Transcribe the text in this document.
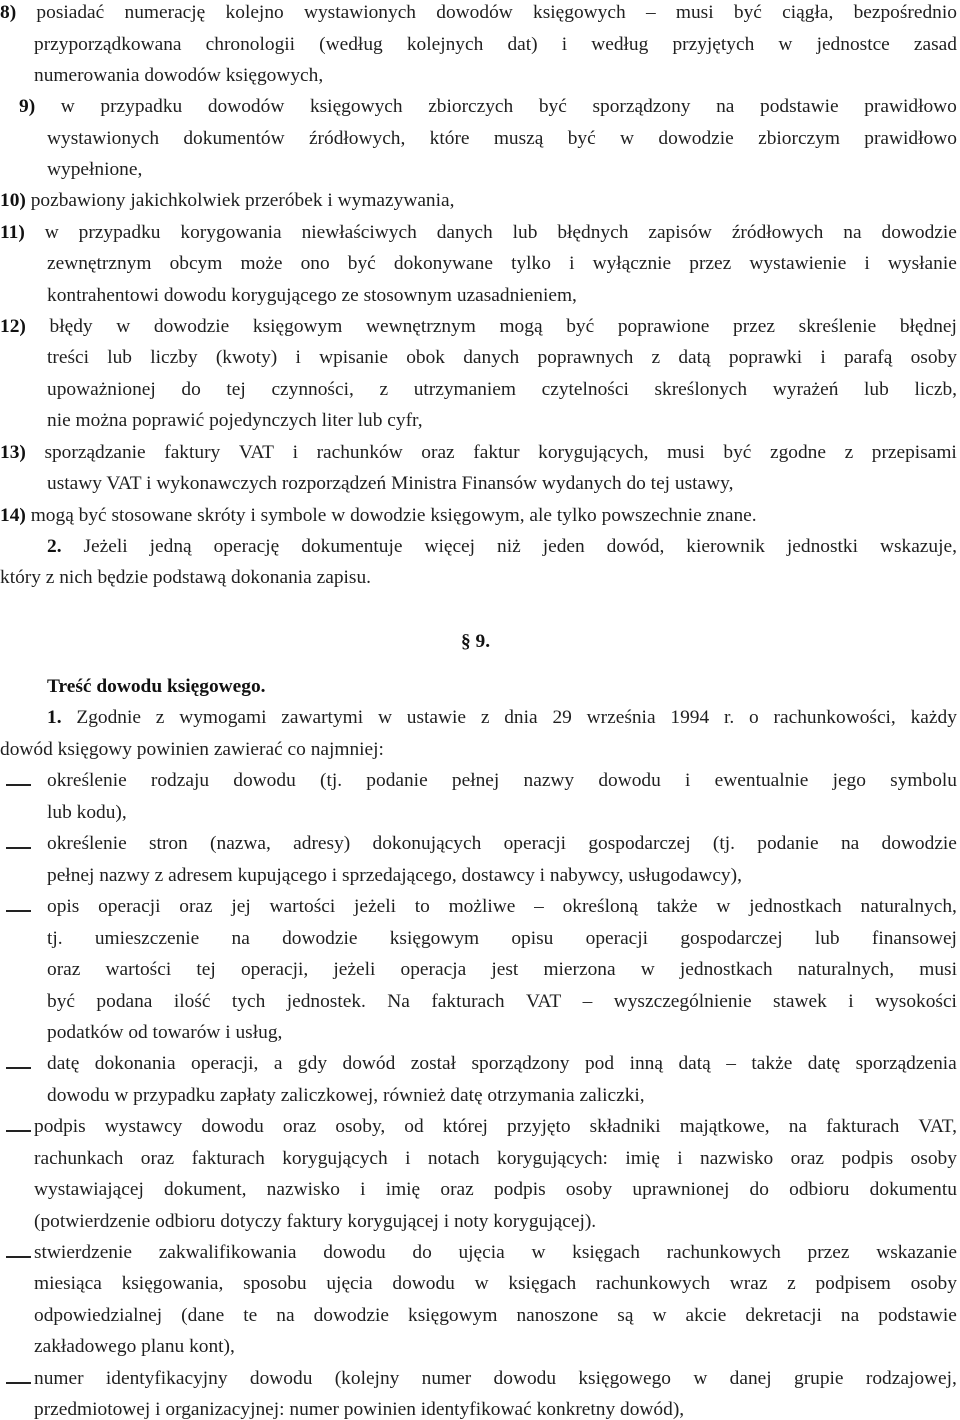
8) posiadać numerację kolejno wystawionych dowodów księgowych – musi być ciągła, bezpośrednio
przyporządkowana chronologii (według kolejnych dat) i według przyjętych w jednostce zasad
numerowania dowodów księgowych,
9) w przypadku dowodów księgowych zbiorczych być sporządzony na podstawie prawidłowo
wystawionych dokumentów źródłowych, które muszą być w dowodzie zbiorczym prawidłowo
wypełnione,
10) pozbawiony jakichkolwiek przeróbek i wymazywania,
11) w przypadku korygowania niewłaściwych danych lub błędnych zapisów źródłowych na dowodzie
zewnętrznym obcym może ono być dokonywane tylko i wyłącznie przez wystawienie i wysłanie
kontrahentowi dowodu korygującego ze stosownym uzasadnieniem,
12) błędy w dowodzie księgowym wewnętrznym mogą być poprawione przez skreślenie błędnej
treści lub liczby (kwoty) i wpisanie obok danych poprawnych z datą poprawki i parafą osoby
upoważnionej do tej czynności, z utrzymaniem czytelności skreślonych wyrażeń lub liczb,
nie można poprawić pojedynczych liter lub cyfr,
13) sporządzanie faktury VAT i rachunków oraz faktur korygujących, musi być zgodne z przepisami
ustawy VAT i wykonawczych rozporządzeń Ministra Finansów wydanych do tej ustawy,
14) mogą być stosowane skróty i symbole w dowodzie księgowym, ale tylko powszechnie znane.
2. Jeżeli jedną operację dokumentuje więcej niż jeden dowód, kierownik jednostki wskazuje,
który z nich będzie podstawą dokonania zapisu.
§ 9.
Treść dowodu księgowego.
1. Zgodnie z wymogami zawartymi w ustawie z dnia 29 września 1994 r. o rachunkowości, każdy
dowód księgowy powinien zawierać co najmniej:
określenie rodzaju dowodu (tj. podanie pełnej nazwy dowodu i ewentualnie jego symbolu
lub kodu),
określenie stron (nazwa, adresy) dokonujących operacji gospodarczej (tj. podanie na dowodzie
pełnej nazwy z adresem kupującego i sprzedającego, dostawcy i nabywcy, usługodawcy),
opis operacji oraz jej wartości jeżeli to możliwe – określoną także w jednostkach naturalnych,
tj. umieszczenie na dowodzie księgowym opisu operacji gospodarczej lub finansowej
oraz wartości tej operacji, jeżeli operacja jest mierzona w jednostkach naturalnych, musi
być podana ilość tych jednostek. Na fakturach VAT – wyszczególnienie stawek i wysokości
podatków od towarów i usług,
datę dokonania operacji, a gdy dowód został sporządzony pod inną datą – także datę sporządzenia
dowodu w przypadku zapłaty zaliczkowej, również datę otrzymania zaliczki,
podpis wystawcy dowodu oraz osoby, od której przyjęto składniki majątkowe, na fakturach VAT,
rachunkach oraz fakturach korygujących i notach korygujących: imię i nazwisko oraz podpis osoby
wystawiającej dokument, nazwisko i imię oraz podpis osoby uprawnionej do odbioru dokumentu
(potwierdzenie odbioru dotyczy faktury korygującej i noty korygującej).
stwierdzenie zakwalifikowania dowodu do ujęcia w księgach rachunkowych przez wskazanie
miesiąca księgowania, sposobu ujęcia dowodu w księgach rachunkowych wraz z podpisem osoby
odpowiedzialnej (dane te na dowodzie księgowym nanoszone są w akcie dekretacji na podstawie
zakładowego planu kont),
numer identyfikacyjny dowodu (kolejny numer dowodu księgowego w danej grupie rodzajowej,
przedmiotowej i organizacyjnej: numer powinien identyfikować konkretny dowód),
